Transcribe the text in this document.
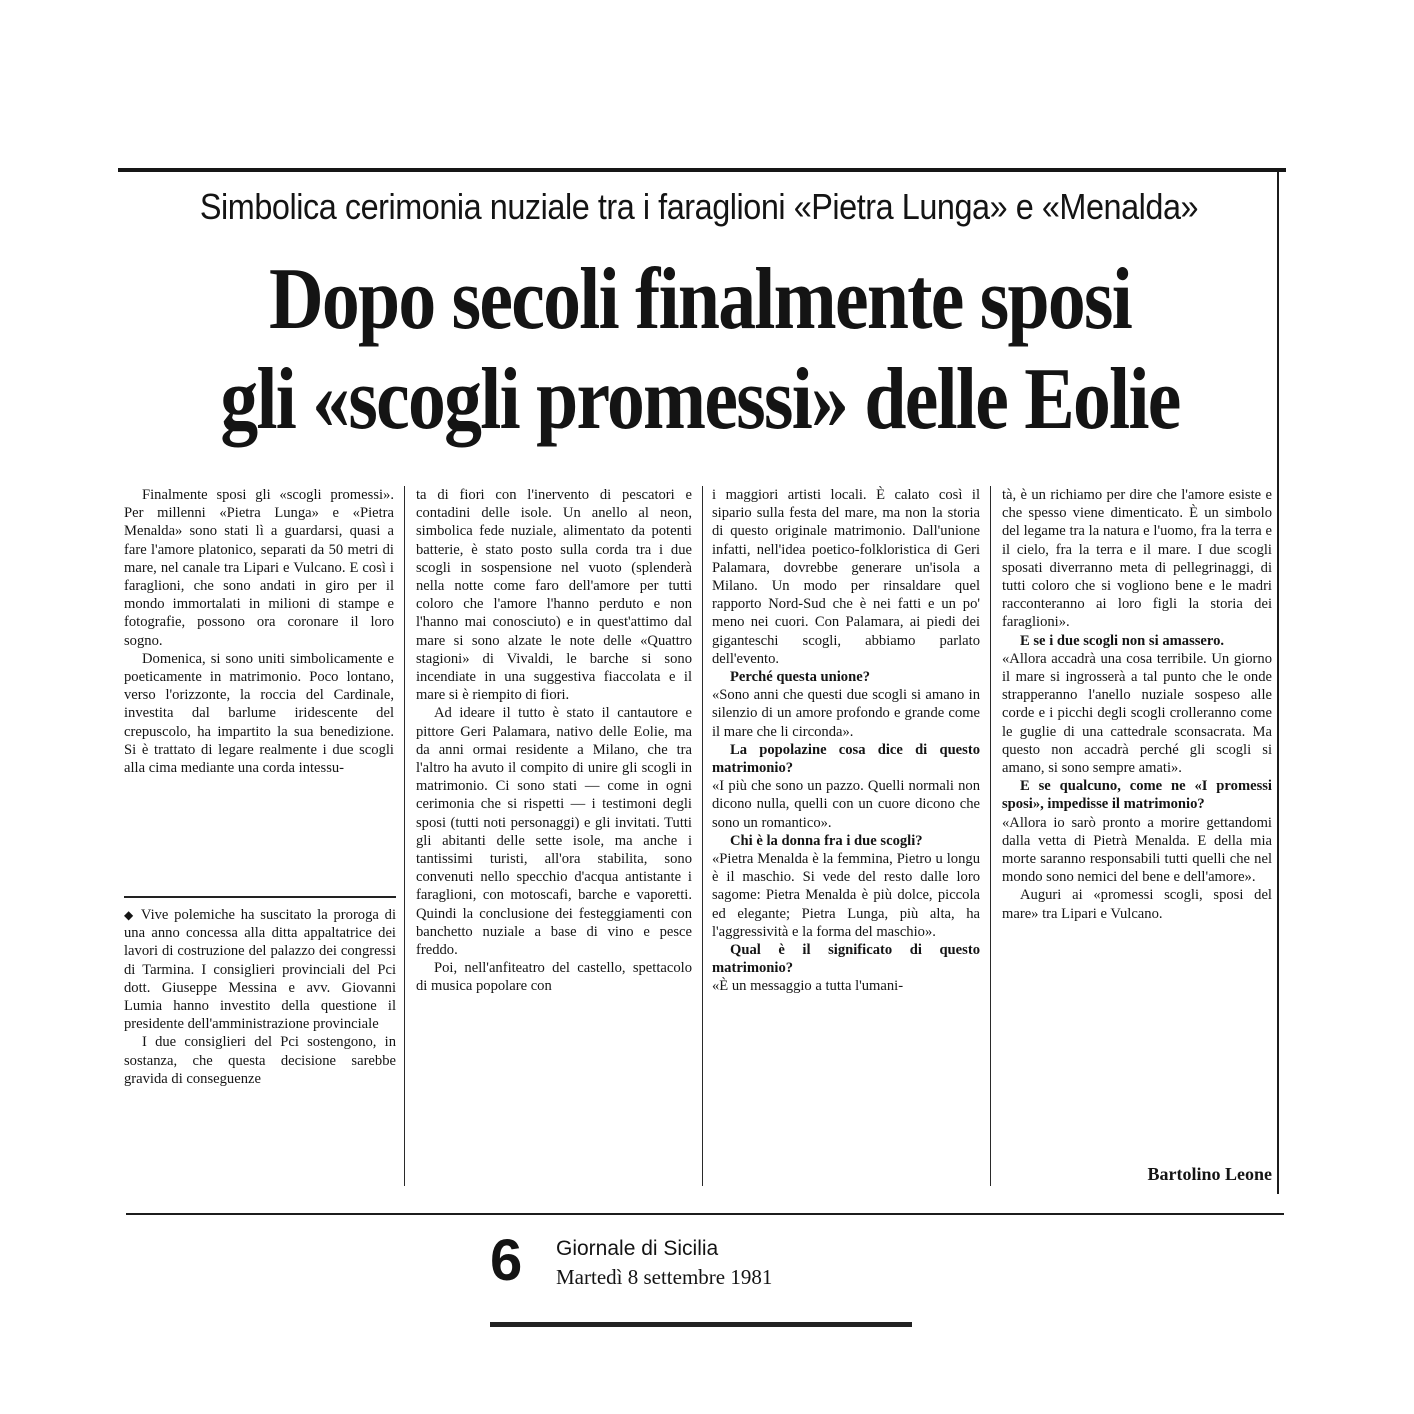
Simbolica cerimonia nuziale tra i faraglioni «Pietra Lunga» e «Menalda»
Dopo secoli finalmente sposi
gli «scogli promessi» delle Eolie

Finalmente sposi gli «scogli promessi». Per millenni «Pietra Lunga» e «Pietra Menalda» sono stati lì a guardarsi, quasi a fare l'amore platonico, separati da 50 metri di mare, nel canale tra Lipari e Vulcano. E così i faraglioni, che sono andati in giro per il mondo immortalati in milioni di stampe e fotografie, possono ora coronare il loro sogno.

Domenica, si sono uniti simbolicamente e poeticamente in matrimonio. Poco lontano, verso l'orizzonte, la roccia del Cardinale, investita dal barlume iridescente del crepuscolo, ha impartito la sua benedizione. Si è trattato di legare realmente i due scogli alla cima mediante una corda intessu-

◆ Vive polemiche ha suscitato la proroga di una anno concessa alla ditta appaltatrice dei lavori di costruzione del palazzo dei congressi di Tarmina. I consiglieri provinciali del Pci dott. Giuseppe Messina e avv. Giovanni Lumia hanno investito della questione il presidente dell'amministrazione provinciale

I due consiglieri del Pci sostengono, in sostanza, che questa decisione sarebbe gravida di conseguenze

ta di fiori con l'inervento di pescatori e contadini delle isole. Un anello al neon, simbolica fede nuziale, alimentato da potenti batterie, è stato posto sulla corda tra i due scogli in sospensione nel vuoto (splenderà nella notte come faro dell'amore per tutti coloro che l'amore l'hanno perduto e non l'hanno mai conosciuto) e in quest'attimo dal mare si sono alzate le note delle «Quattro stagioni» di Vivaldi, le barche si sono incendiate in una suggestiva fiaccolata e il mare si è riempito di fiori.

Ad ideare il tutto è stato il cantautore e pittore Geri Palamara, nativo delle Eolie, ma da anni ormai residente a Milano, che tra l'altro ha avuto il compito di unire gli scogli in matrimonio. Ci sono stati — come in ogni cerimonia che si rispetti — i testimoni degli sposi (tutti noti personaggi) e gli invitati. Tutti gli abitanti delle sette isole, ma anche i tantissimi turisti, all'ora stabilita, sono convenuti nello specchio d'acqua antistante i faraglioni, con motoscafi, barche e vaporetti. Quindi la conclusione dei festeggiamenti con banchetto nuziale a base di vino e pesce freddo.

Poi, nell'anfiteatro del castello, spettacolo di musica popolare con

i maggiori artisti locali. È calato così il sipario sulla festa del mare, ma non la storia di questo originale matrimonio. Dall'unione infatti, nell'idea poetico-folkloristica di Geri Palamara, dovrebbe generare un'isola a Milano. Un modo per rinsaldare quel rapporto Nord-Sud che è nei fatti e un po' meno nei cuori. Con Palamara, ai piedi dei giganteschi scogli, abbiamo parlato dell'evento.

Perché questa unione?

«Sono anni che questi due scogli si amano in silenzio di un amore profondo e grande come il mare che li circonda».

La popolazine cosa dice di questo matrimonio?

«I più che sono un pazzo. Quelli normali non dicono nulla, quelli con un cuore dicono che sono un romantico».

Chi è la donna fra i due scogli?

«Pietra Menalda è la femmina, Pietro u longu è il maschio. Si vede del resto dalle loro sagome: Pietra Menalda è più dolce, piccola ed elegante; Pietra Lunga, più alta, ha l'aggressività e la forma del maschio».

Qual è il significato di questo matrimonio?

«È un messaggio a tutta l'umani-

tà, è un richiamo per dire che l'amore esiste e che spesso viene dimenticato. È un simbolo del legame tra la natura e l'uomo, fra la terra e il cielo, fra la terra e il mare. I due scogli sposati diverranno meta di pellegrinaggi, di tutti coloro che si vogliono bene e le madri racconteranno ai loro figli la storia dei faraglioni».

E se i due scogli non si amassero.

«Allora accadrà una cosa terribile. Un giorno il mare si ingrosserà a tal punto che le onde strapperanno l'anello nuziale sospeso alle corde e i picchi degli scogli crolleranno come le guglie di una cattedrale sconsacrata. Ma questo non accadrà perché gli scogli si amano, si sono sempre amati».

E se qualcuno, come ne «I promessi sposi», impedisse il matrimonio?

«Allora io sarò pronto a morire gettandomi dalla vetta di Pietrà Menalda. E della mia morte saranno responsabili tutti quelli che nel mondo sono nemici del bene e dell'amore».

Auguri ai «promessi scogli, sposi del mare» tra Lipari e Vulcano.

Bartolino Leone
6 Giornale di Sicilia
Martedì 8 settembre 1981
